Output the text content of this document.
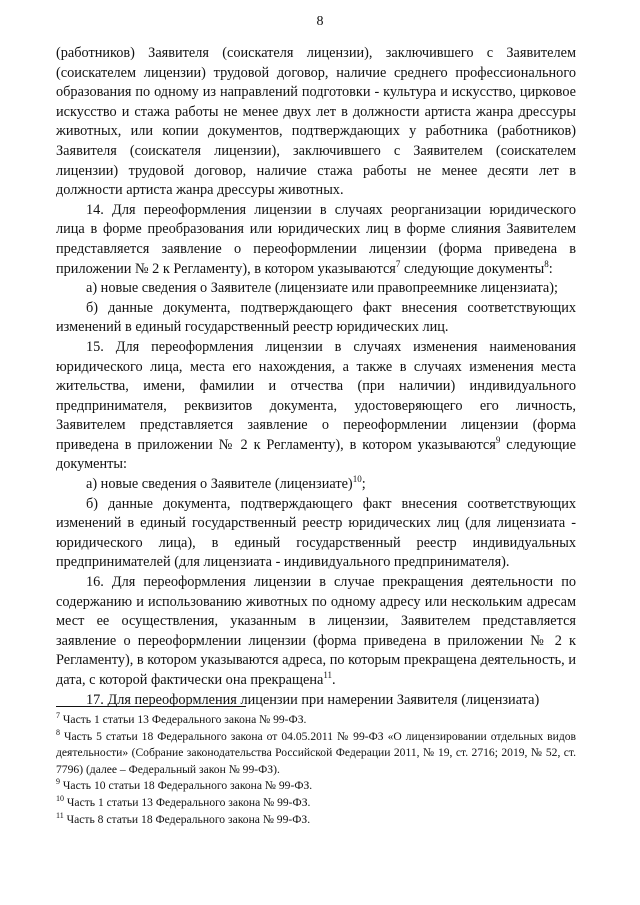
8

(работников) Заявителя (соискателя лицензии), заключившего с Заявителем (соискателем лицензии) трудовой договор, наличие среднего профессионального образования по одному из направлений подготовки - культура и искусство, цирковое искусство и стажа работы не менее двух лет в должности артиста жанра дрессуры животных, или копии документов, подтверждающих у работника (работников) Заявителя (соискателя лицензии), заключившего с Заявителем (соискателем лицензии) трудовой договор, наличие стажа работы не менее десяти лет в должности артиста жанра дрессуры животных.

14. Для переоформления лицензии в случаях реорганизации юридического лица в форме преобразования или юридических лиц в форме слияния Заявителем представляется заявление о переоформлении лицензии (форма приведена в приложении № 2 к Регламенту), в котором указываются$^7$ следующие документы$^8$:

а) новые сведения о Заявителе (лицензиате или правопреемнике лицензиата);

б) данные документа, подтверждающего факт внесения соответствующих изменений в единый государственный реестр юридических лиц.

15. Для переоформления лицензии в случаях изменения наименования юридического лица, места его нахождения, а также в случаях изменения места жительства, имени, фамилии и отчества (при наличии) индивидуального предпринимателя, реквизитов документа, удостоверяющего его личность, Заявителем представляется заявление о переоформлении лицензии (форма приведена в приложении № 2 к Регламенту), в котором указываются$^9$ следующие документы:

а) новые сведения о Заявителе (лицензиате)$^{10}$;

б) данные документа, подтверждающего факт внесения соответствующих изменений в единый государственный реестр юридических лиц (для лицензиата - юридического лица), в единый государственный реестр индивидуальных предпринимателей (для лицензиата - индивидуального предпринимателя).

16. Для переоформления лицензии в случае прекращения деятельности по содержанию и использованию животных по одному адресу или нескольким адресам мест ее осуществления, указанным в лицензии, Заявителем представляется заявление о переоформлении лицензии (форма приведена в приложении № 2 к Регламенту), в котором указываются адреса, по которым прекращена деятельность, и дата, с которой фактически она прекращена$^{11}$.

17. Для переоформления лицензии при намерении Заявителя (лицензиата)

$^7$ Часть 1 статьи 13 Федерального закона № 99-ФЗ.

$^8$ Часть 5 статьи 18 Федерального закона от 04.05.2011 № 99-ФЗ «О лицензировании отдельных видов деятельности» (Собрание законодательства Российской Федерации 2011, № 19, ст. 2716; 2019, № 52, ст. 7796) (далее – Федеральный закон № 99-ФЗ).

$^9$ Часть 10 статьи 18 Федерального закона № 99-ФЗ.

$^{10}$ Часть 1 статьи 13 Федерального закона № 99-ФЗ.

$^{11}$ Часть 8 статьи 18 Федерального закона № 99-ФЗ.
